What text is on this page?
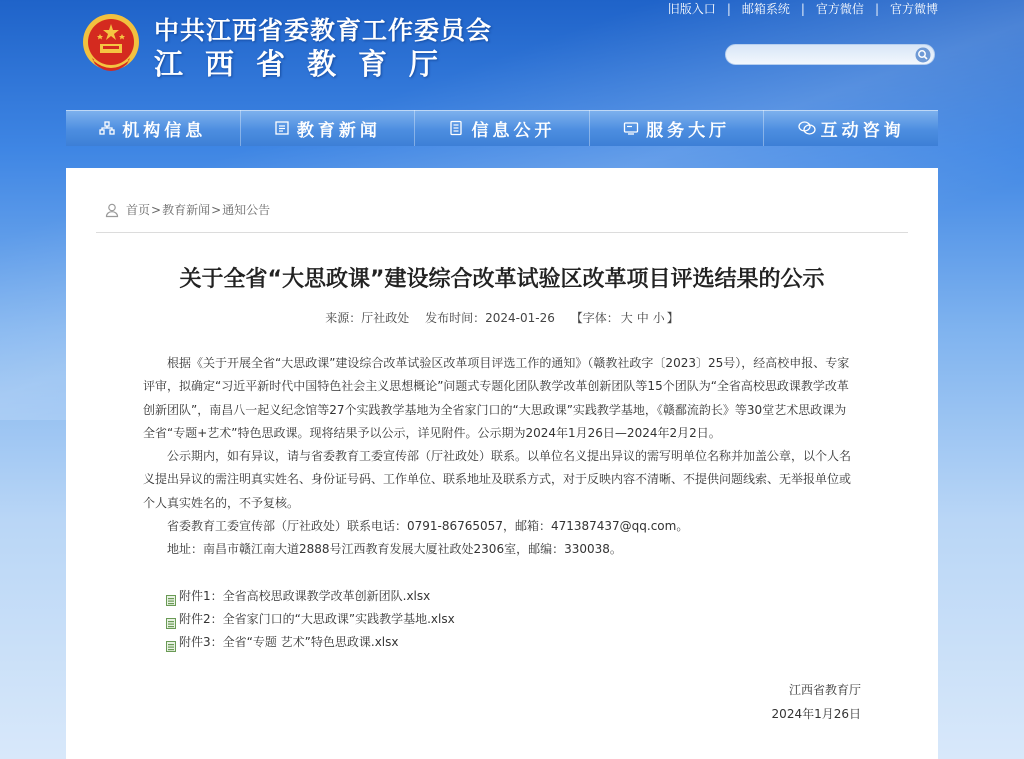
中共江西省委教育工作委员会
江西省教育厅
旧版入口 | 邮箱系统 | 官方微信 | 官方微博
机构信息	教育新闻	信息公开	服务大厅	互动咨询
首页 > 教育新闻 > 通知公告
关于全省“大思政课”建设综合改革试验区改革项目评选结果的公示
来源：厅社政处 发布时间：2024-01-26 【字体： 大 中 小 】

根据《关于开展全省“大思政课”建设综合改革试验区改革项目评选工作的通知》（赣教社政字〔2023〕25号），经高校申报、专家评审，拟确定“习近平新时代中国特色社会主义思想概论”问题式专题化团队教学改革创新团队等15个团队为“全省高校思政课教学改革创新团队”，南昌八一起义纪念馆等27个实践教学基地为全省家门口的“大思政课”实践教学基地，《赣鄱流韵长》等30堂艺术思政课为全省“专题+艺术”特色思政课。现将结果予以公示，详见附件。公示期为2024年1月26日—2024年2月2日。

公示期内，如有异议，请与省委教育工委宣传部（厅社政处）联系。以单位名义提出异议的需写明单位名称并加盖公章，以个人名义提出异议的需注明真实姓名、身份证号码、工作单位、联系地址及联系方式，对于反映内容不清晰、不提供问题线索、无举报单位或个人真实姓名的，不予复核。

省委教育工委宣传部（厅社政处）联系电话：0791-86765057，邮箱：471387437@qq.com。

地址：南昌市赣江南大道2888号江西教育发展大厦社政处2306室，邮编：330038。

附件1：全省高校思政课教学改革创新团队.xlsx
附件2：全省家门口的“大思政课”实践教学基地.xlsx
附件3：全省“专题 艺术”特色思政课.xlsx
江西省教育厅
2024年1月26日
